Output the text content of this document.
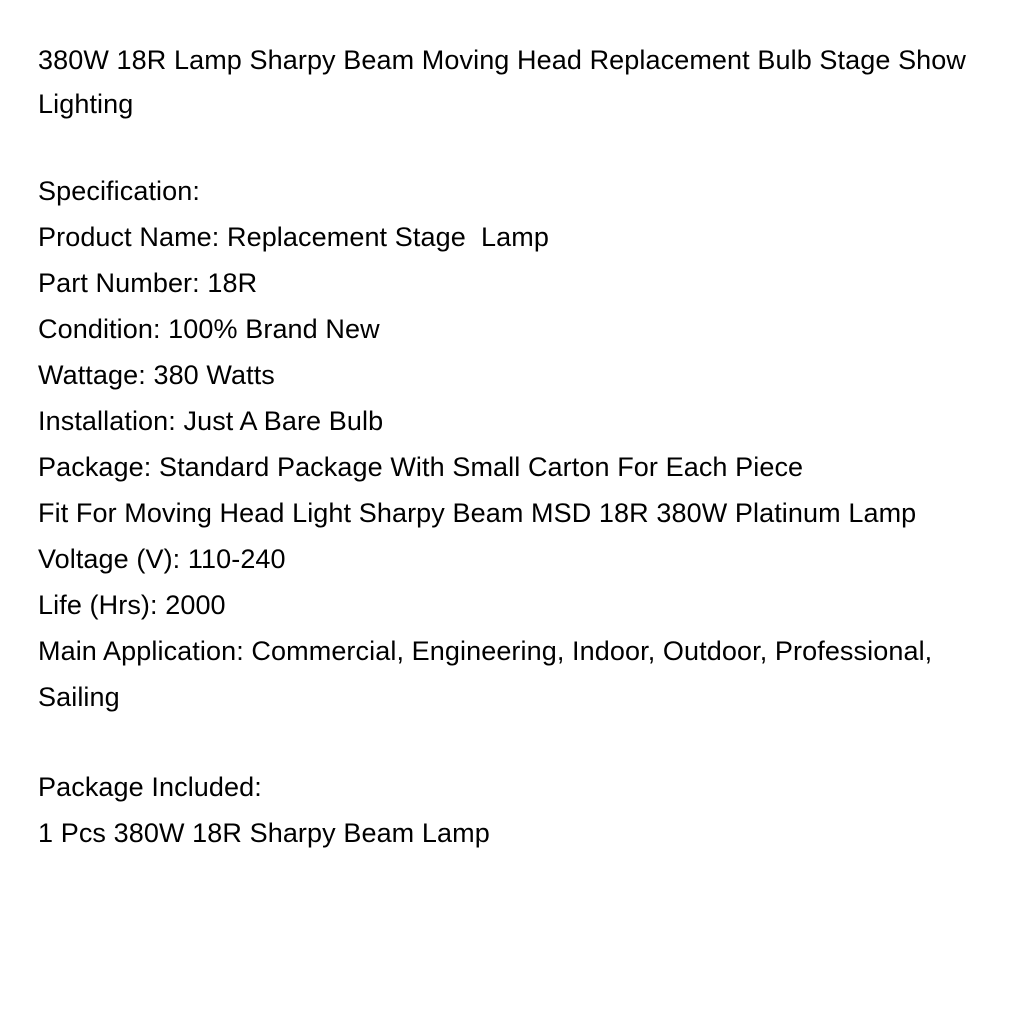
380W 18R Lamp Sharpy Beam Moving Head Replacement Bulb Stage Show Lighting
Specification:
Product Name: Replacement Stage  Lamp
Part Number: 18R
Condition: 100% Brand New
Wattage: 380 Watts
Installation: Just A Bare Bulb
Package: Standard Package With Small Carton For Each Piece
Fit For Moving Head Light Sharpy Beam MSD 18R 380W Platinum Lamp
Voltage (V): 110-240
Life (Hrs): 2000
Main Application: Commercial, Engineering, Indoor, Outdoor, Professional, Sailing
Package Included:
1 Pcs 380W 18R Sharpy Beam Lamp
